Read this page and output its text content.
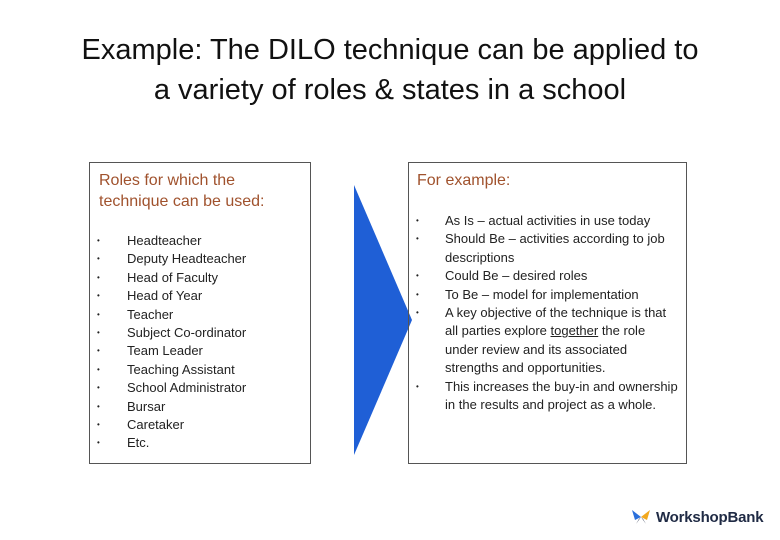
Example: The DILO technique can be applied to
a variety of roles & states in a school
Roles for which the technique can be used:
• Headteacher
• Deputy Headteacher
• Head of Faculty
• Head of Year
• Teacher
• Subject Co-ordinator
• Team Leader
• Teaching Assistant
• School Administrator
• Bursar
• Caretaker
• Etc.
For example:
• As Is – actual activities in use today
• Should Be – activities according to job descriptions
• Could Be – desired roles
• To Be – model for implementation
• A key objective of the technique is that all parties explore together the role under review and its associated strengths and opportunities.
• This increases the buy-in and ownership in the results and project as a whole.
WorkshopBank
